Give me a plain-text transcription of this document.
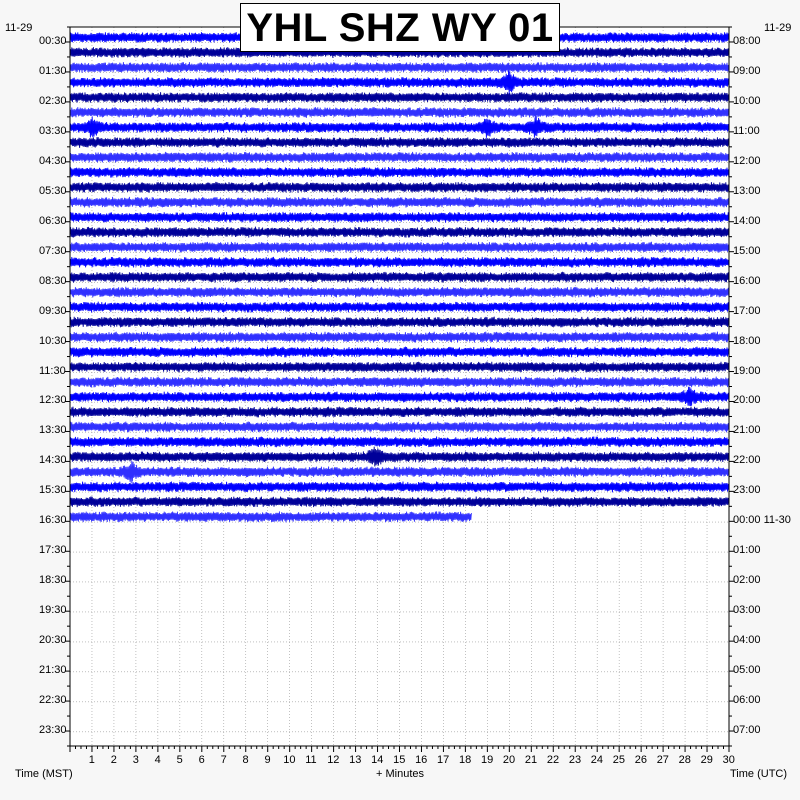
YHL SHZ WY 01
11-29	11-29
Time (MST)	+ Minutes	Time (UTC)
00:30
01:30
02:30
03:30
04:30
05:30
06:30
07:30
08:30
09:30
10:30
11:30
12:30
13:30
14:30
15:30
16:30
17:30
18:30
19:30
20:30
21:30
22:30
23:30
08:00
09:00
10:00
11:00
12:00
13:00
14:00
15:00
16:00
17:00
18:00
19:00
20:00
21:00
22:00
23:00
00:00 11-30
01:00
02:00
03:00
04:00
05:00
06:00
07:00
1 2 3 4 5 6 7 8 9 10 11 12 13 14 15 16 17 18 19 20 21 22 23 24 25 26 27 28 29 30
